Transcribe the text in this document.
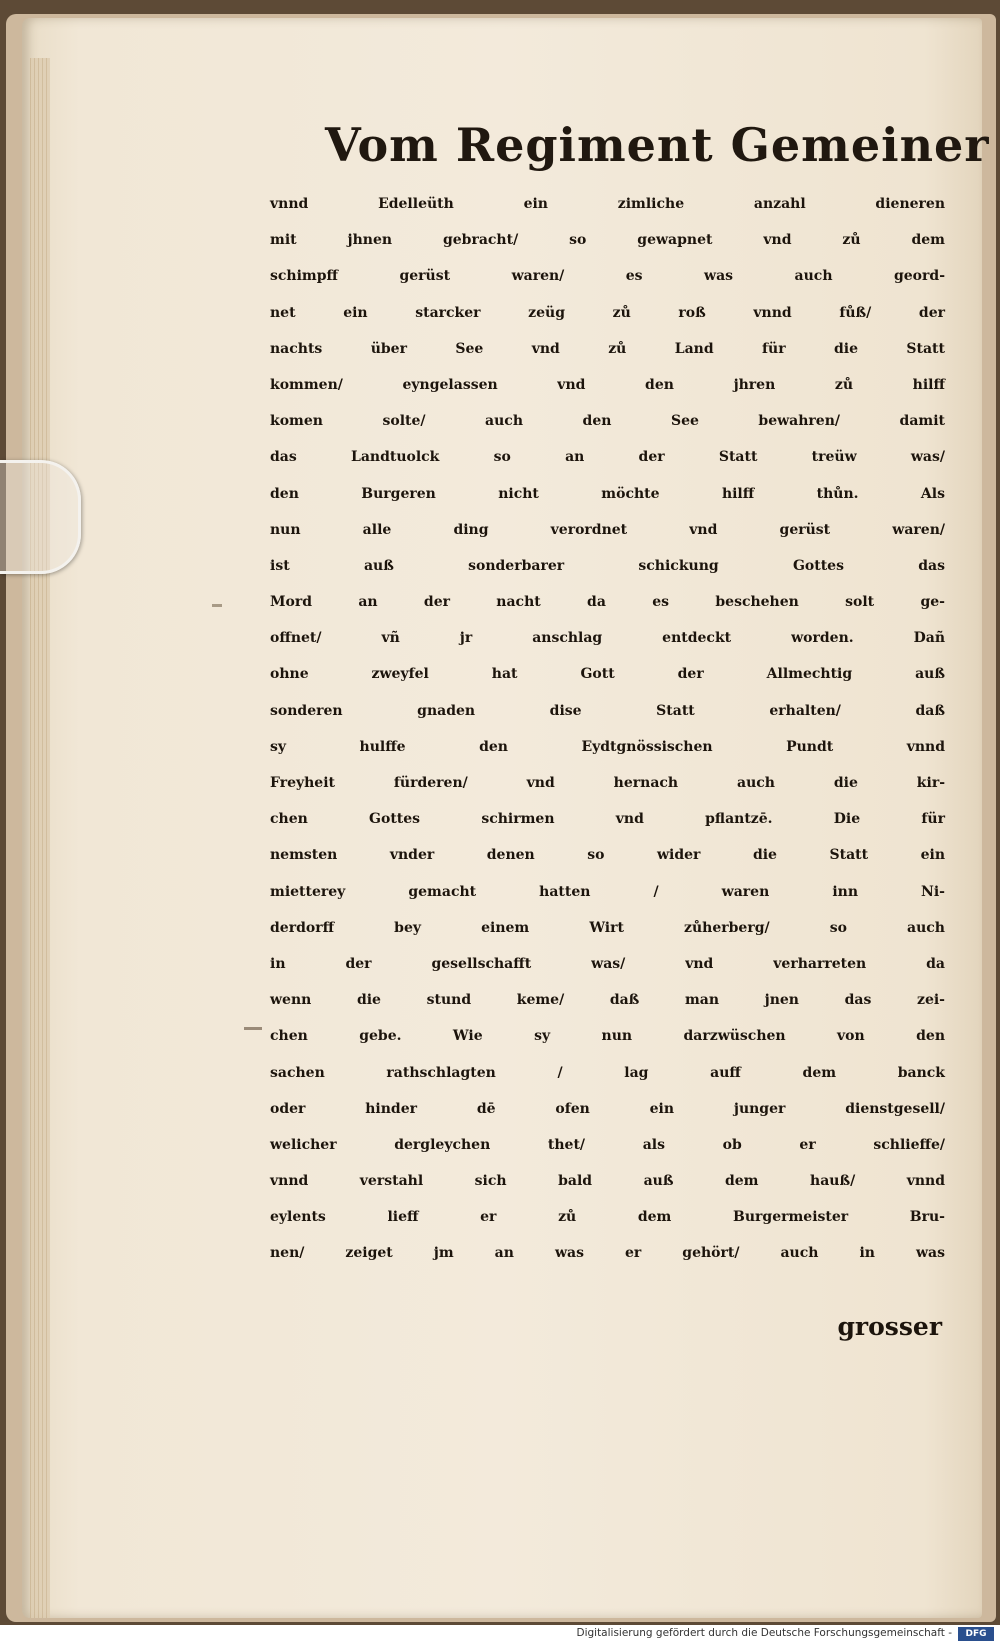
Vom Regiment Gemeiner
vnnd Edelleüth ein zimliche anzahl dieneren
mit jhnen gebracht/ so gewapnet vnd zů dem
schimpff gerüst waren/ es was auch geord-
net ein starcker zeüg zů roß vnnd fůß/ der
nachts über See vnd zů Land für die Statt
kommen/ eyngelassen vnd den jhren zů hilff
komen solte/ auch den See bewahren/ damit
das Landtuolck so an der Statt treüw was/
den Burgeren nicht möchte hilff thůn. Als
nun alle ding verordnet vnd gerüst waren/
ist auß sonderbarer schickung Gottes das
Mord an der nacht da es beschehen solt ge-
offnet/ vñ jr anschlag entdeckt worden. Dañ
ohne zweyfel hat Gott der Allmechtig auß
sonderen gnaden dise Statt erhalten/ daß
sy hulffe den Eydtgnössischen Pundt vnnd
Freyheit fürderen/ vnd hernach auch die kir-
chen Gottes schirmen vnd pflantzē. Die für
nemsten vnder denen so wider die Statt ein
mietterey gemacht hatten / waren inn Ni-
derdorff bey einem Wirt zůherberg/ so auch
in der gesellschafft was/ vnd verharreten da
wenn die stund keme/ daß man jnen das zei-
chen gebe. Wie sy nun darzwüschen von den
sachen rathschlagten / lag auff dem banck
oder hinder dē ofen ein junger dienstgesell/
welicher dergleychen thet/ als ob er schlieffe/
vnnd verstahl sich bald auß dem hauß/ vnnd
eylents lieff er zů dem Burgermeister Bru-
nen/ zeiget jm an was er gehört/ auch in was
grosser
Digitalisierung gefördert durch die Deutsche Forschungsgemeinschaft -	DFG
